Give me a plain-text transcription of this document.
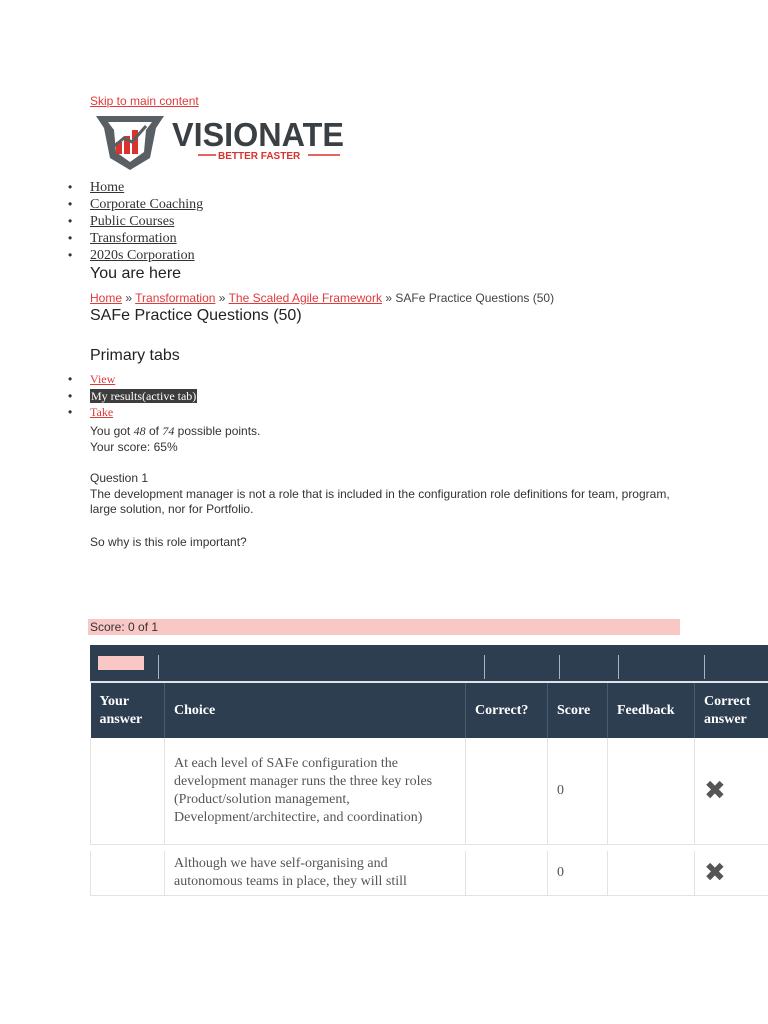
Skip to main content
VISIONATE
BETTER FASTER
• Home
• Corporate Coaching
• Public Courses
• Transformation
• 2020s Corporation
You are here
Home » Transformation » The Scaled Agile Framework » SAFe Practice Questions (50)
SAFe Practice Questions (50)
Primary tabs
• View
• My results(active tab)
• Take
You got 48 of 74 possible points.
Your score: 65%

Question 1

The development manager is not a role that is included in the configuration role definitions for team, program, large solution, nor for Portfolio.

So why is this role important?

Score: 0 of 1
Your answer	Choice	Correct?	Score	Feedback	Correct answer
	At each level of SAFe configuration the development manager runs the three key roles (Product/solution management, Development/architectire, and coordination)		0		✖

	Although we have self-organising and autonomous teams in place, they will still		0		✖
